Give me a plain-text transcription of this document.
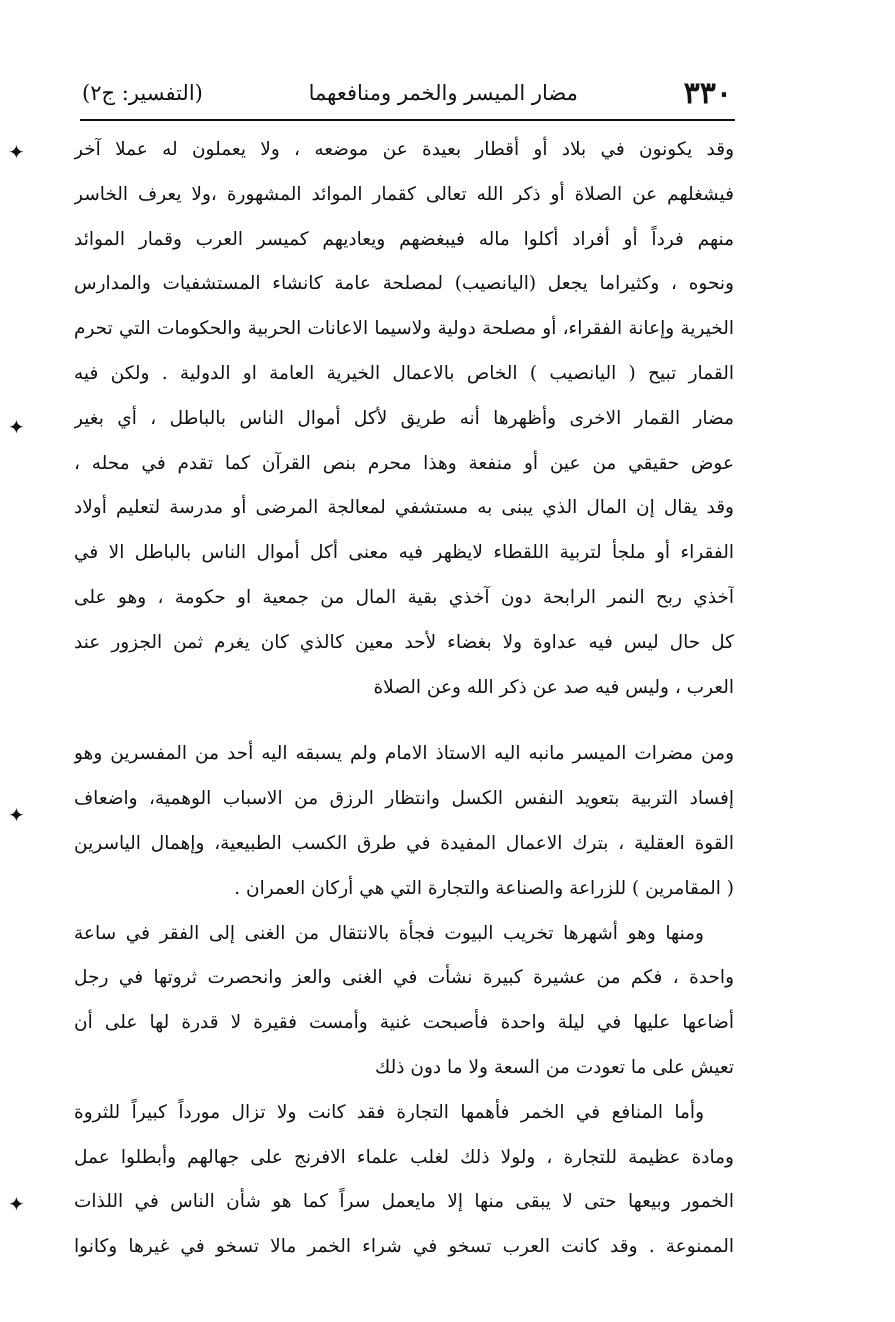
٣٣٠
مضار الميسر والخمر ومنافعهما
(التفسير: ج٢)
✦
✦
✦
✦
وقد يكونون في بلاد أو أقطار بعيدة عن موضعه ، ولا يعملون له عملا آخر
فيشغلهم عن الصلاة أو ذكر الله تعالى كقمار الموائد المشهورة ،ولا يعرف الخاسر
منهم فرداً أو أفراد أكلوا ماله فيبغضهم ويعاديهم كميسر العرب وقمار الموائد
ونحوه ، وكثيراما يجعل (اليانصيب) لمصلحة عامة كانشاء المستشفيات والمدارس
الخيرية وإعانة الفقراء، أو مصلحة دولية ولاسيما الاعانات الحربية والحكومات التي تحرم
القمار تبيح ( اليانصيب ) الخاص بالاعمال الخيرية العامة او الدولية . ولكن فيه
مضار القمار الاخرى وأظهرها أنه طريق لأكل أموال الناس بالباطل ، أي بغير
عوض حقيقي من عين أو منفعة وهذا محرم بنص القرآن كما تقدم في محله ،
وقد يقال إن المال الذي يبنى به مستشفي لمعالجة المرضى أو مدرسة لتعليم أولاد
الفقراء أو ملجأ لتربية اللقطاء لايظهر فيه معنى أكل أموال الناس بالباطل الا في
آخذي ربح النمر الرابحة دون آخذي بقية المال من جمعية او حكومة ، وهو على
كل حال ليس فيه عداوة ولا بغضاء لأحد معين كالذي كان يغرم ثمن الجزور عند
العرب ، وليس فيه صد عن ذكر الله وعن الصلاة
ومن مضرات الميسر مانبه اليه الاستاذ الامام ولم يسبقه اليه أحد من المفسرين وهو
إفساد التربية بتعويد النفس الكسل وانتظار الرزق من الاسباب الوهمية، واضعاف
القوة العقلية ، بترك الاعمال المفيدة في طرق الكسب الطبيعية، وإهمال الياسرين
( المقامرين ) للزراعة والصناعة والتجارة التي هي أركان العمران .
ومنها وهو أشهرها تخريب البيوت فجأة بالانتقال من الغنى إلى الفقر في ساعة
واحدة ، فكم من عشيرة كبيرة نشأت في الغنى والعز وانحصرت ثروتها في رجل
أضاعها عليها في ليلة واحدة فأصبحت غنية وأمست فقيرة لا قدرة لها على أن
تعيش على ما تعودت من السعة ولا ما دون ذلك
وأما المنافع في الخمر فأهمها التجارة فقد كانت ولا تزال مورداً كبيراً للثروة
ومادة عظيمة للتجارة ، ولولا ذلك لغلب علماء الافرنج على جهالهم وأبطلوا عمل
الخمور وبيعها حتى لا يبقى منها إلا مايعمل سراً كما هو شأن الناس في اللذات
الممنوعة . وقد كانت العرب تسخو في شراء الخمر مالا تسخو في غيرها وكانوا
